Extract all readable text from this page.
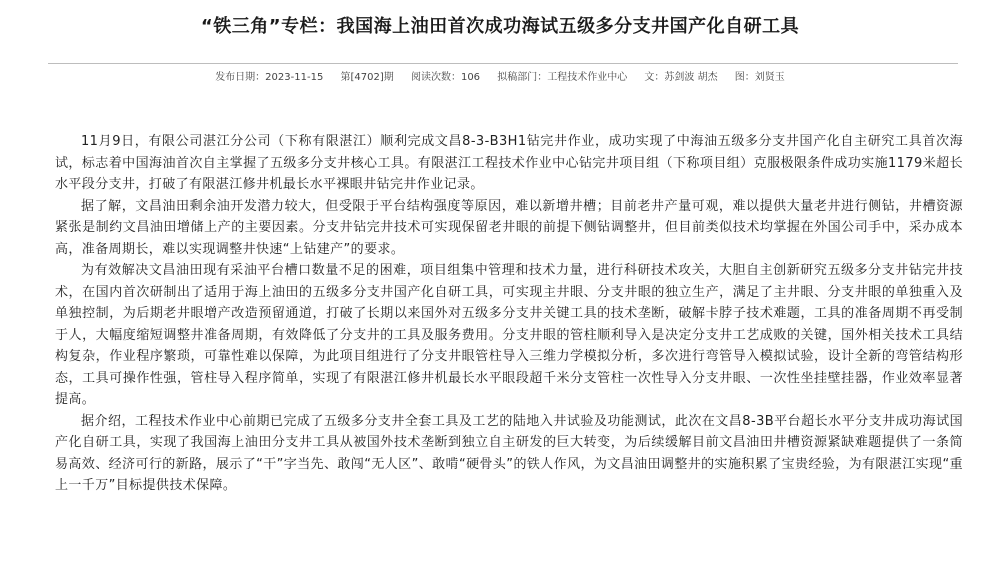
“铁三角”专栏：我国海上油田首次成功海试五级多分支井国产化自研工具
发布日期：2023-11-15 第[4702]期 阅读次数：106 拟稿部门：工程技术作业中心 文：苏剑波 胡杰 图：刘贤玉

11月9日，有限公司湛江分公司（下称有限湛江）顺利完成文昌8-3-B3H1钻完井作业，成功实现了中海油五级多分支井国产化自主研究工具首次海试，标志着中国海油首次自主掌握了五级多分支井核心工具。有限湛江工程技术作业中心钻完井项目组（下称项目组）克服极限条件成功实施1179米超长水平段分支井，打破了有限湛江修井机最长水平裸眼井钻完井作业记录。

据了解，文昌油田剩余油开发潜力较大，但受限于平台结构强度等原因，难以新增井槽；目前老井产量可观，难以提供大量老井进行侧钻，井槽资源紧张是制约文昌油田增储上产的主要因素。分支井钻完井技术可实现保留老井眼的前提下侧钻调整井，但目前类似技术均掌握在外国公司手中，采办成本高，准备周期长，难以实现调整井快速“上钻建产”的要求。

为有效解决文昌油田现有采油平台槽口数量不足的困难，项目组集中管理和技术力量，进行科研技术攻关，大胆自主创新研究五级多分支井钻完井技术，在国内首次研制出了适用于海上油田的五级多分支井国产化自研工具，可实现主井眼、分支井眼的独立生产，满足了主井眼、分支井眼的单独重入及单独控制，为后期老井眼增产改造预留通道，打破了长期以来国外对五级多分支井关键工具的技术垄断，破解卡脖子技术难题，工具的准备周期不再受制于人，大幅度缩短调整井准备周期，有效降低了分支井的工具及服务费用。分支井眼的管柱顺利导入是决定分支井工艺成败的关键，国外相关技术工具结构复杂，作业程序繁琐，可靠性难以保障，为此项目组进行了分支井眼管柱导入三维力学模拟分析，多次进行弯管导入模拟试验，设计全新的弯管结构形态，工具可操作性强，管柱导入程序简单，实现了有限湛江修井机最长水平眼段超千米分支管柱一次性导入分支井眼、一次性坐挂壁挂器，作业效率显著提高。

据介绍，工程技术作业中心前期已完成了五级多分支井全套工具及工艺的陆地入井试验及功能测试，此次在文昌8-3B平台超长水平分支井成功海试国产化自研工具，实现了我国海上油田分支井工具从被国外技术垄断到独立自主研发的巨大转变，为后续缓解目前文昌油田井槽资源紧缺难题提供了一条简易高效、经济可行的新路，展示了“干”字当先、敢闯“无人区”、敢啃“硬骨头”的铁人作风，为文昌油田调整井的实施积累了宝贵经验，为有限湛江实现“重上一千万”目标提供技术保障。
